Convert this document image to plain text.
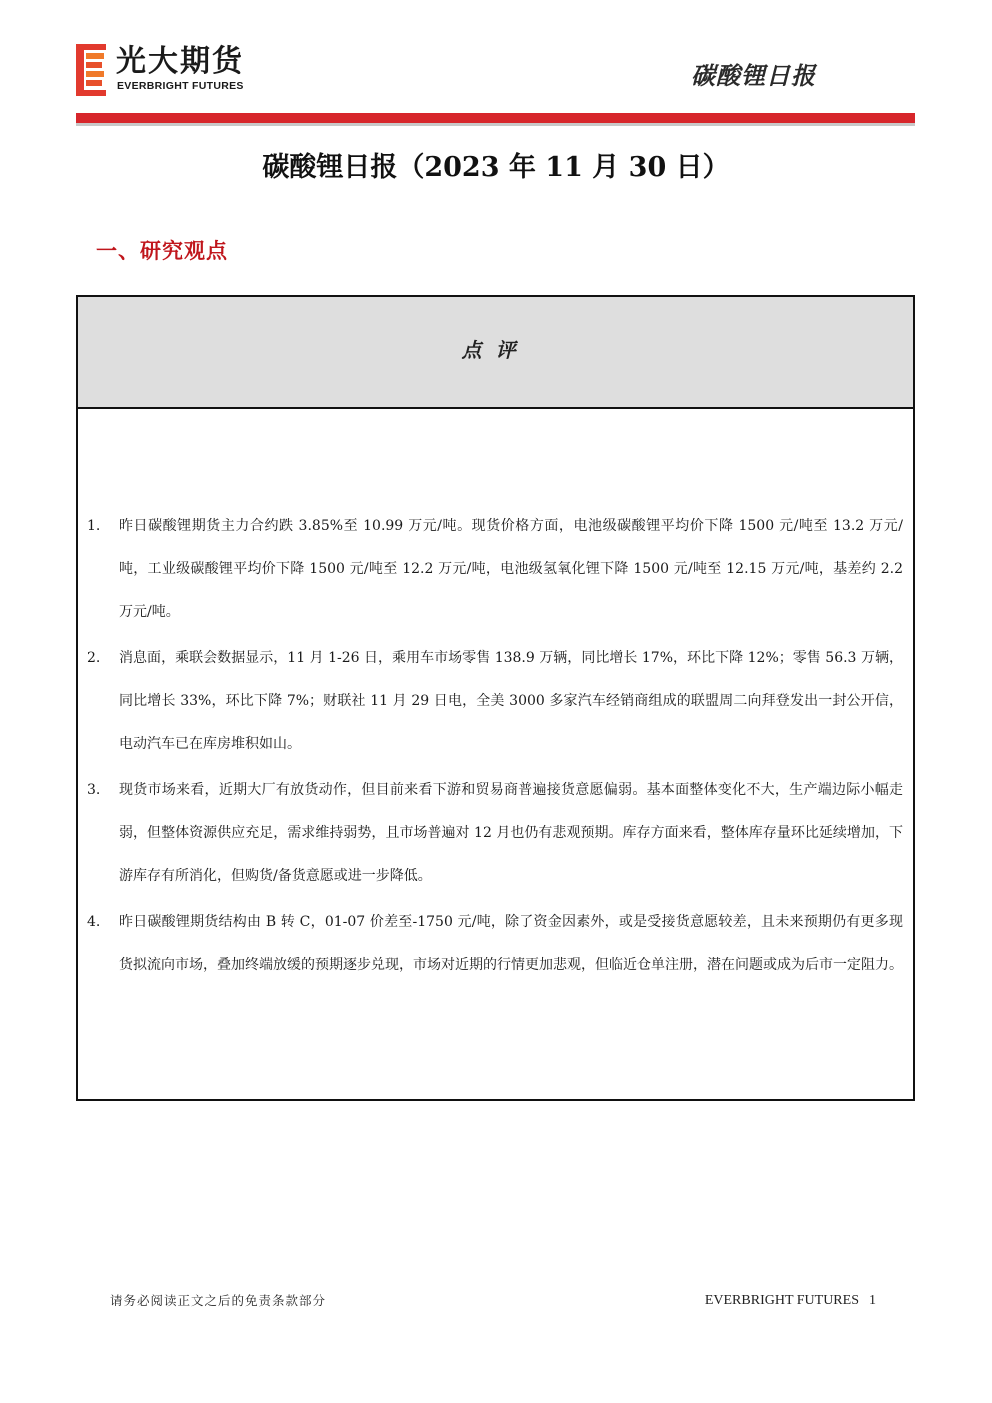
光大期货
EVERBRIGHT FUTURES	碳酸锂日报
碳酸锂日报（2023 年 11 月 30 日）
一、研究观点
点评
1.	昨日碳酸锂期货主力合约跌 3.85%至 10.99 万元/吨。现货价格方面，电池级碳酸锂平均价下降 1500 元/吨至 13.2 万元/吨，工业级碳酸锂平均价下降 1500 元/吨至 12.2 万元/吨，电池级氢氧化锂下降 1500 元/吨至 12.15 万元/吨，基差约 2.2 万元/吨。
2.	消息面，乘联会数据显示，11 月 1-26 日，乘用车市场零售 138.9 万辆，同比增长 17%，环比下降 12%；零售 56.3 万辆，同比增长 33%，环比下降 7%；财联社 11 月 29 日电，全美 3000 多家汽车经销商组成的联盟周二向拜登发出一封公开信，电动汽车已在库房堆积如山。
3.	现货市场来看，近期大厂有放货动作，但目前来看下游和贸易商普遍接货意愿偏弱。基本面整体变化不大，生产端边际小幅走弱，但整体资源供应充足，需求维持弱势，且市场普遍对 12 月也仍有悲观预期。库存方面来看，整体库存量环比延续增加，下游库存有所消化，但购货/备货意愿或进一步降低。
4.	昨日碳酸锂期货结构由 B 转 C，01-07 价差至-1750 元/吨，除了资金因素外，或是受接货意愿较差，且未来预期仍有更多现货拟流向市场，叠加终端放缓的预期逐步兑现，市场对近期的行情更加悲观，但临近仓单注册，潜在问题或成为后市一定阻力。
请务必阅读正文之后的免责条款部分	EVERBRIGHT FUTURES 1
